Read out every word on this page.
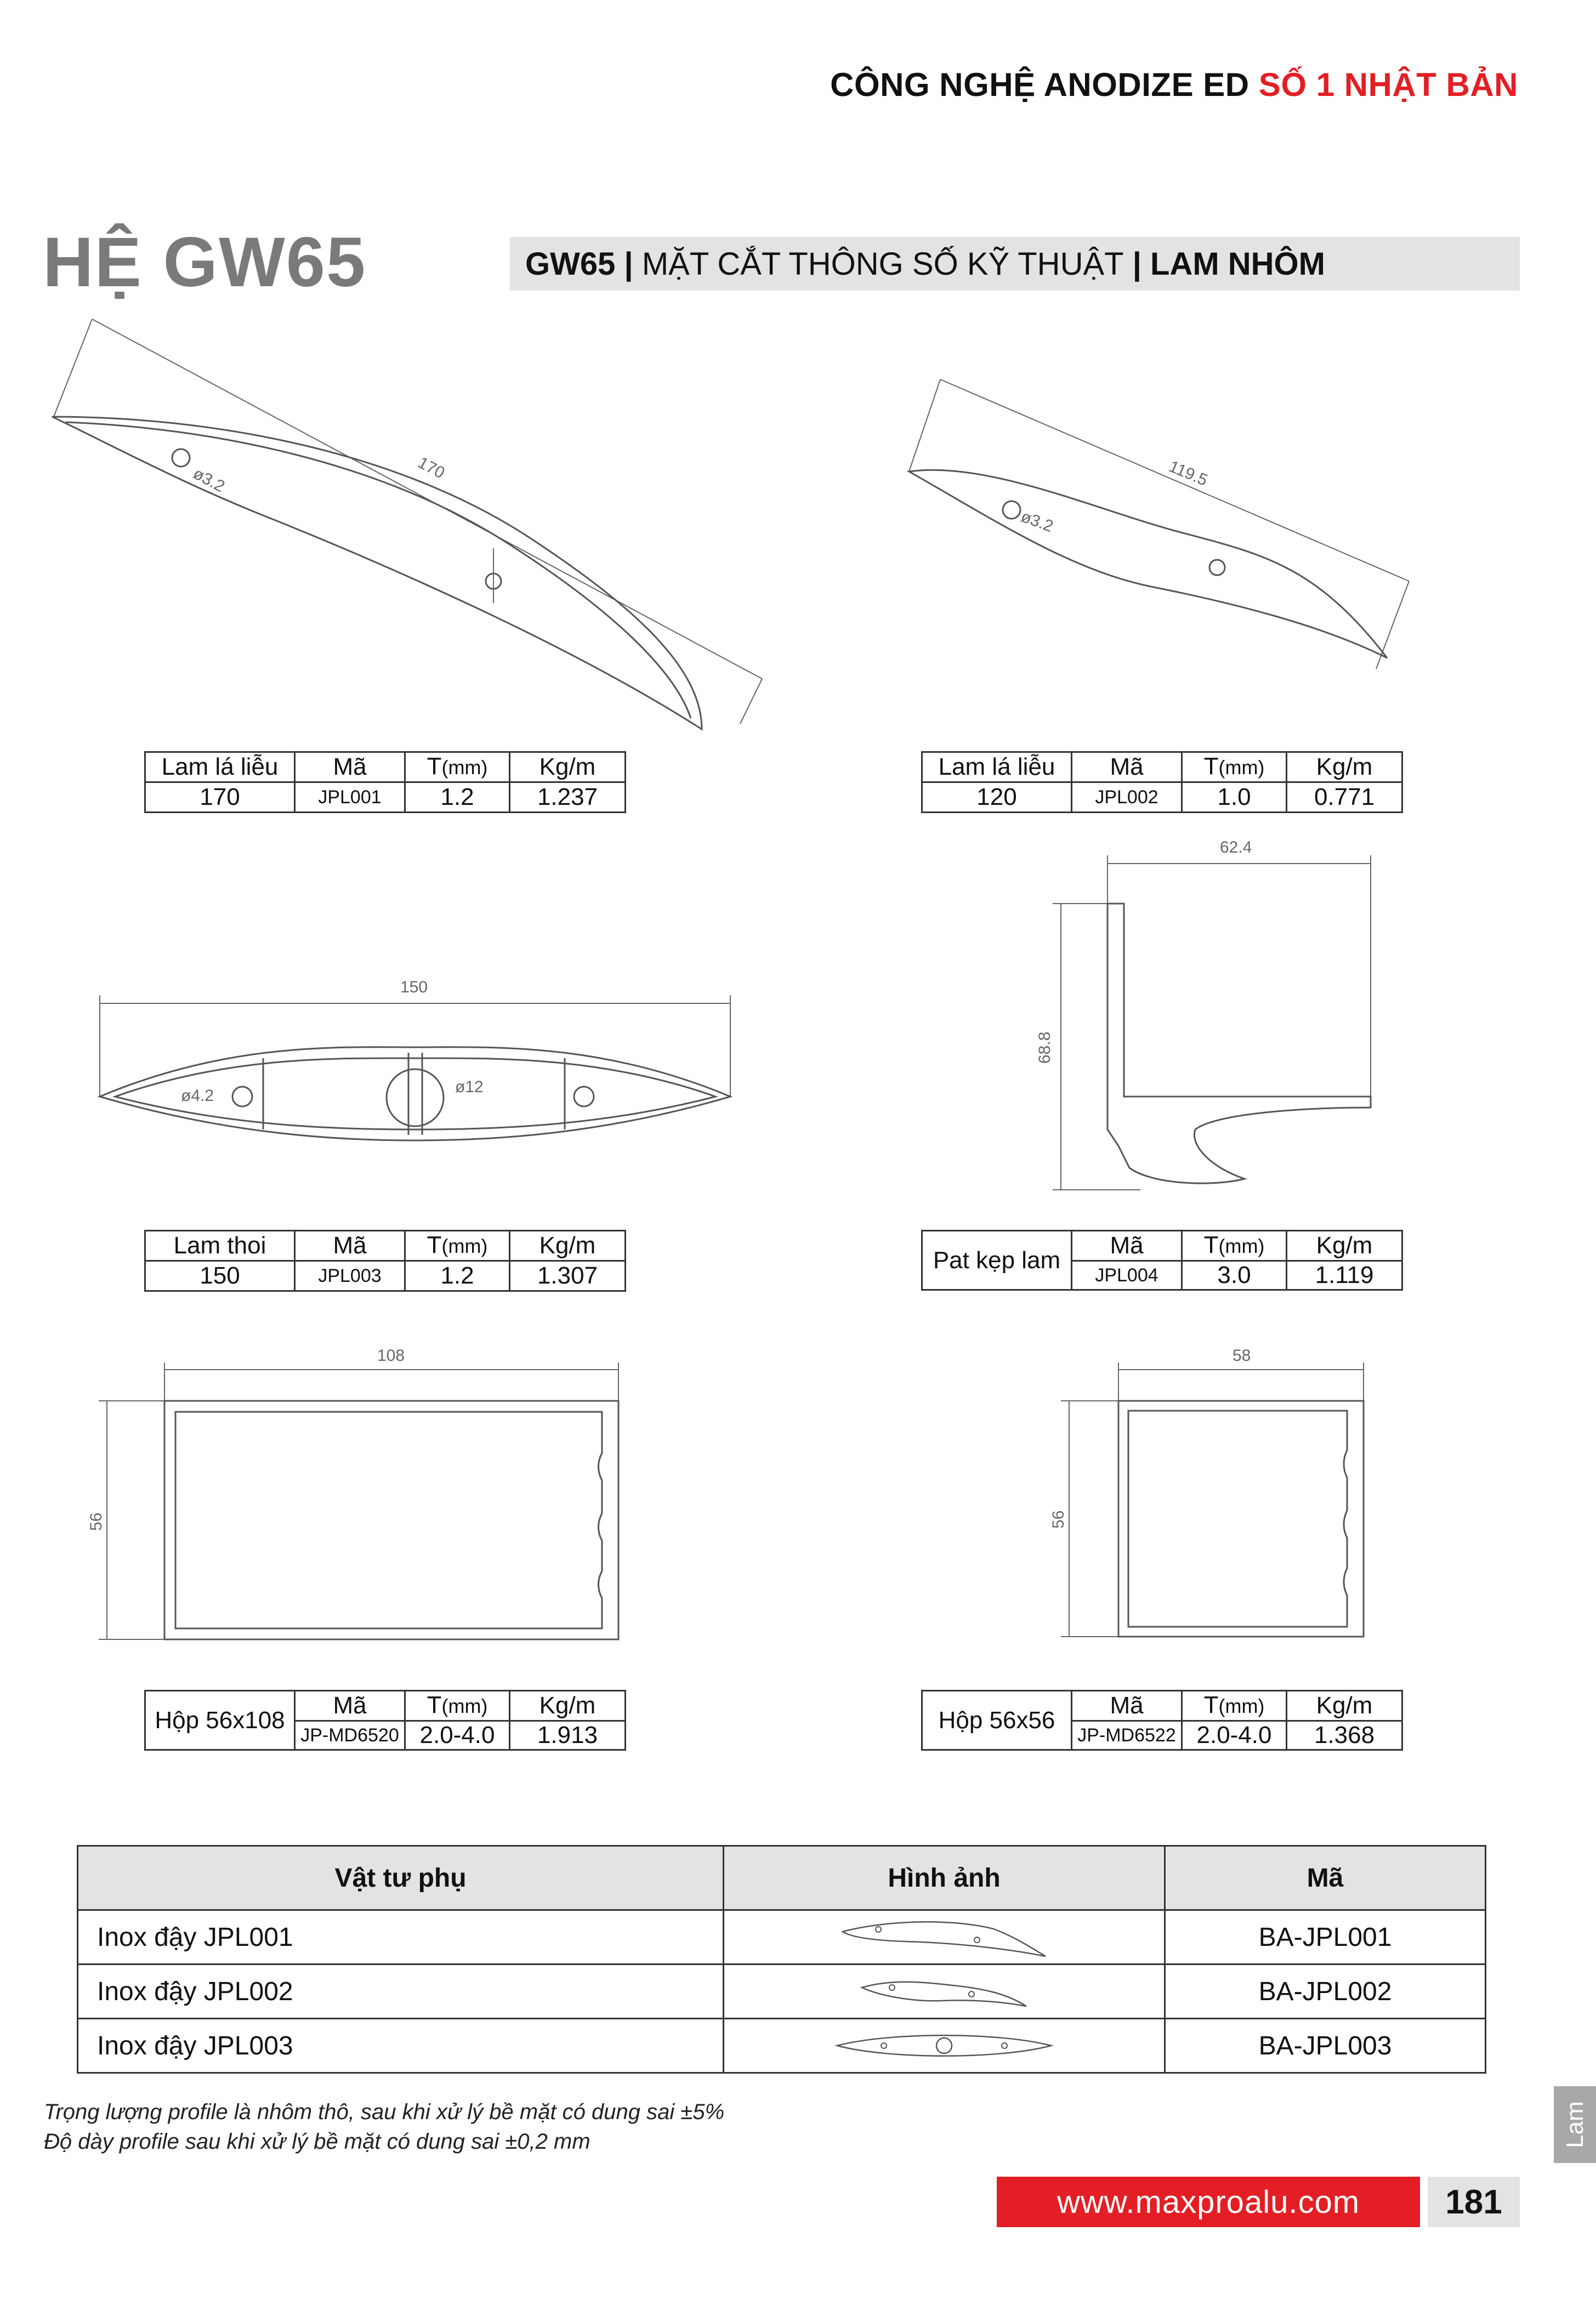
CÔNG NGHỆ ANODIZE ED SỐ 1 NHẬT BẢN
HỆ GW65	GW65 | MẶT CẮT THÔNG SỐ KỸ THUẬT | LAM NHÔM
170
ø3.2	119.5
ø3.2
150
ø4.2	ø12
62.4
68.8
108
56
58
56
Lam lá liễu	Mã	T(mm)	Kg/m
170	JPL001	1.2	1.237
Lam lá liễu	Mã	T(mm)	Kg/m
120	JPL002	1.0	0.771
Lam thoi	Mã	T(mm)	Kg/m
150	JPL003	1.2	1.307
Pat kẹp lam	Mã	T(mm)	Kg/m
	JPL004	3.0	1.119
Hộp 56x108	Mã	T(mm)	Kg/m
	JP-MD6520	2.0-4.0	1.913
Hộp 56x56	Mã	T(mm)	Kg/m
	JP-MD6522	2.0-4.0	1.368
Vật tư phụ	Hình ảnh	Mã
Inox đậy JPL001		BA-JPL001
Inox đậy JPL002		BA-JPL002
Inox đậy JPL003		BA-JPL003
Trọng lượng profile là nhôm thô, sau khi xử lý bề mặt có dung sai ±5%
Độ dày profile sau khi xử lý bề mặt có dung sai ±0,2 mm	Lam
www.maxproalu.com	181
